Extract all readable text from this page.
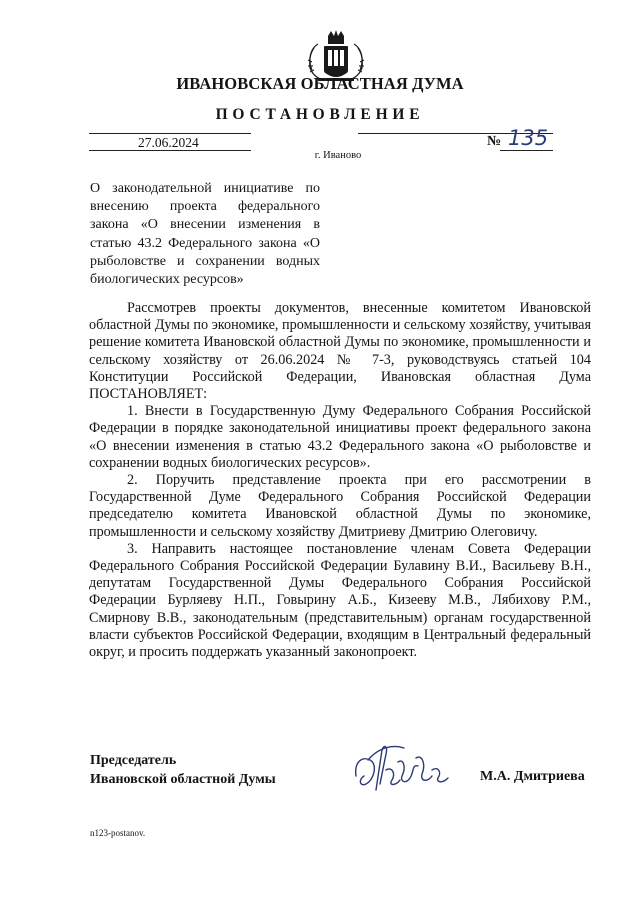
ИВАНОВСКАЯ ОБЛАСТНАЯ ДУМА
ПОСТАНОВЛЕНИЕ
27.06.2024	№ 135
г. Иваново
О законодательной инициативе по внесению проекта федерального закона «О внесении изменения в статью 43.2 Федерального закона «О рыболовстве и сохранении водных биологических ресурсов»

Рассмотрев проекты документов, внесенные комитетом Ивановской областной Думы по экономике, промышленности и сельскому хозяйству, учитывая решение комитета Ивановской областной Думы по экономике, промышленности и сельскому хозяйству от 26.06.2024 № 7-3, руководствуясь статьей 104 Конституции Российской Федерации, Ивановская областная Дума ПОСТАНОВЛЯЕТ:

1. Внести в Государственную Думу Федерального Собрания Российской Федерации в порядке законодательной инициативы проект федерального закона «О внесении изменения в статью 43.2 Федерального закона «О рыболовстве и сохранении водных биологических ресурсов».

2. Поручить представление проекта при его рассмотрении в Государственной Думе Федерального Собрания Российской Федерации председателю комитета Ивановской областной Думы по экономике, промышленности и сельскому хозяйству Дмитриеву Дмитрию Олеговичу.

3. Направить настоящее постановление членам Совета Федерации Федерального Собрания Российской Федерации Булавину В.И., Васильеву В.Н., депутатам Государственной Думы Федерального Собрания Российской Федерации Бурляеву Н.П., Говырину А.Б., Кизееву М.В., Лябихову Р.М., Смирнову В.В., законодательным (представительным) органам государственной власти субъектов Российской Федерации, входящим в Центральный федеральный округ, и просить поддержать указанный законопроект.

Председатель
Ивановской областной Думы	М.А. Дмитриева
n123-postanov.
